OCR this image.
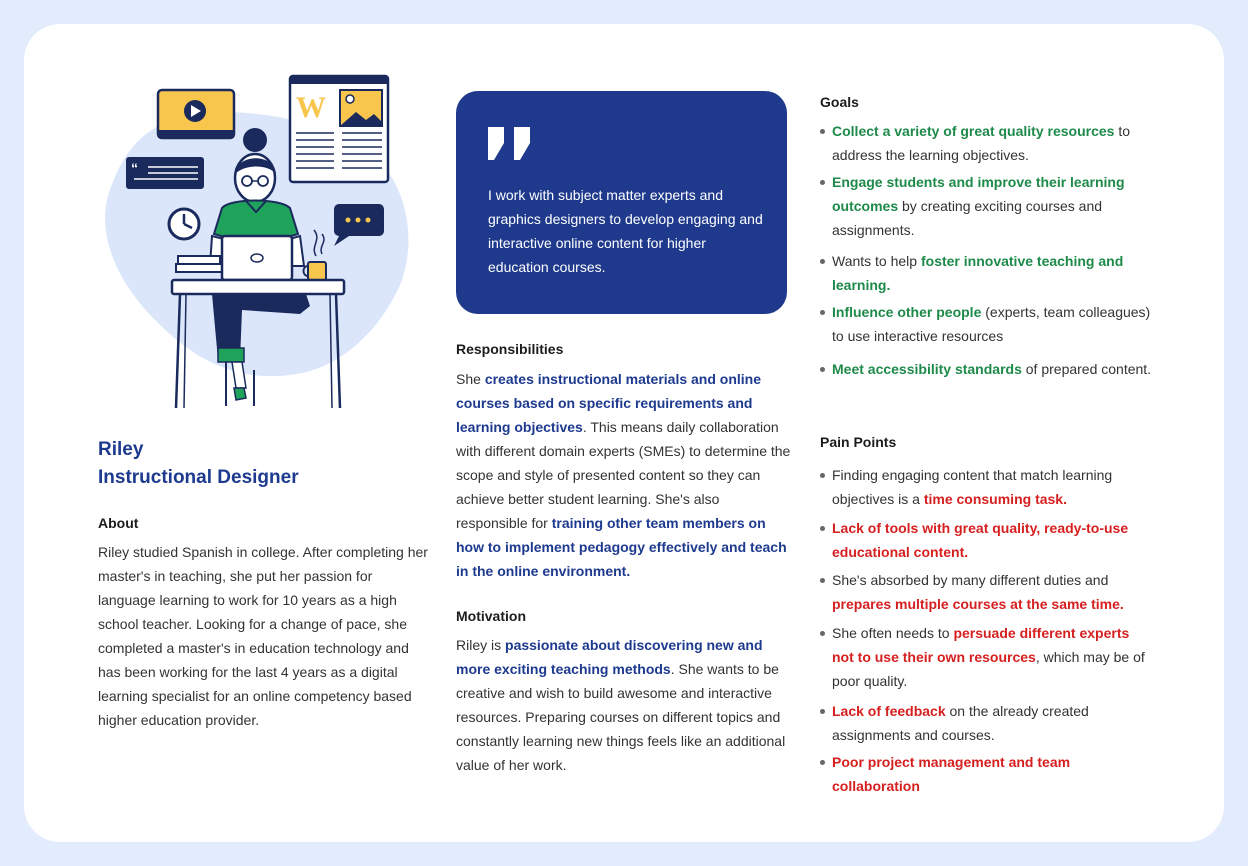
W
“
Riley
Instructional Designer
About
Riley studied Spanish in college. After completing her master's in teaching, she put her passion for language learning to work for 10 years as a high school teacher. Looking for a change of pace, she completed a master's in education technology and has been working for the last 4 years as a digital learning specialist for an online competency based higher education provider.
I work with subject matter experts and graphics designers to develop engaging and interactive online content for higher education courses.
Responsibilities
She creates instructional materials and online courses based on specific requirements and learning objectives. This means daily collaboration with different domain experts (SMEs) to determine the scope and style of presented content so they can achieve better student learning. She's also responsible for training other team members on how to implement pedagogy effectively and teach in the online environment.
Motivation
Riley is passionate about discovering new and more exciting teaching methods. She wants to be creative and wish to build awesome and interactive resources. Preparing courses on different topics and constantly learning new things feels like an additional value of her work.
Goals
Collect a variety of great quality resources to address the learning objectives.
Engage students and improve their learning outcomes by creating exciting courses and assignments.
Wants to help foster innovative teaching and learning.
Influence other people (experts, team colleagues) to use interactive resources
Meet accessibility standards of prepared content.
Pain Points
Finding engaging content that match learning objectives is a time consuming task.
Lack of tools with great quality, ready-to-use educational content.
She's absorbed by many different duties and prepares multiple courses at the same time.
She often needs to persuade different experts not to use their own resources, which may be of poor quality.
Lack of feedback on the already created assignments and courses.
Poor project management and team collaboration
